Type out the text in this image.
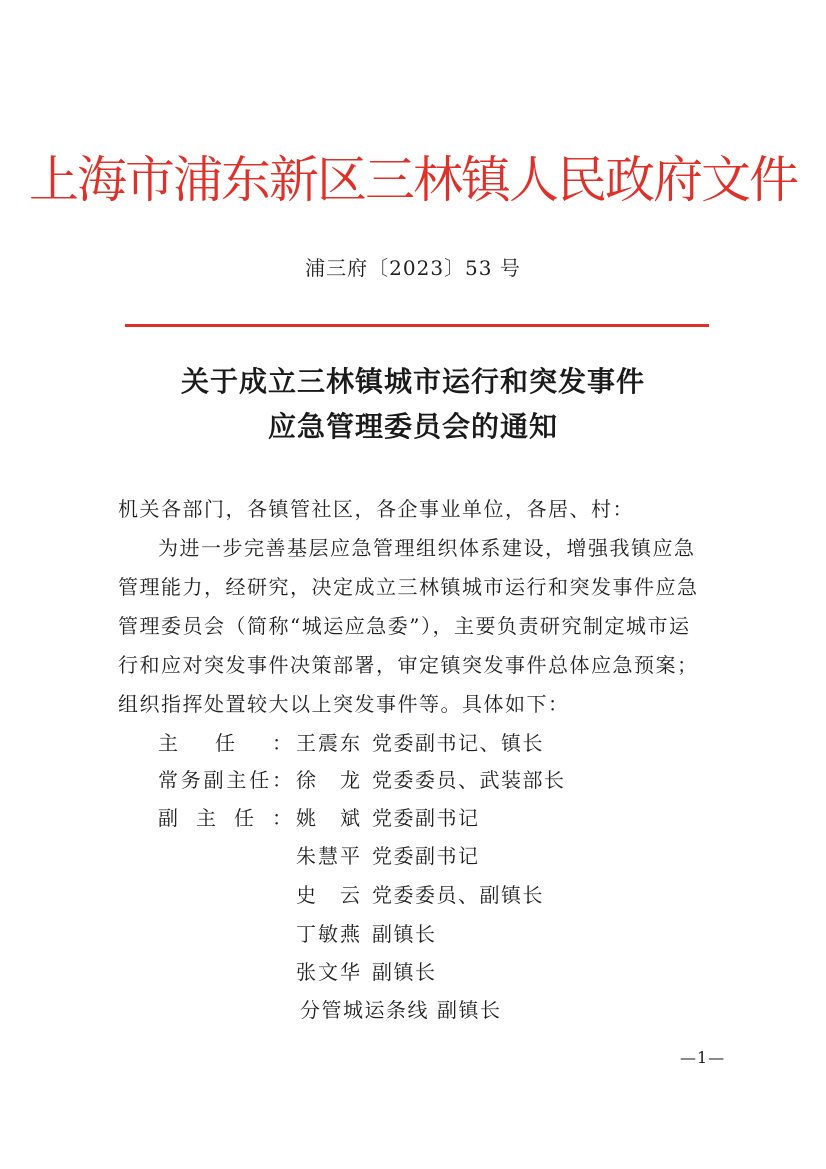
上海市浦东新区三林镇人民政府文件
浦三府〔2023〕53 号
关于成立三林镇城市运行和突发事件
应急管理委员会的通知
机关各部门，各镇管社区，各企事业单位，各居、村：
为进一步完善基层应急管理组织体系建设，增强我镇应急
管理能力，经研究，决定成立三林镇城市运行和突发事件应急
管理委员会（简称“城运应急委”），主要负责研究制定城市运
行和应对突发事件决策部署，审定镇突发事件总体应急预案；
组织指挥处置较大以上突发事件等。具体如下：
主任： 王震东 党委副书记、镇长
常务副主任： 徐　龙 党委委员、武装部长
副主任： 姚　斌 党委副书记
朱慧平 党委副书记
史　云 党委委员、副镇长
丁敏燕 副镇长
张文华 副镇长
分管城运条线 副镇长
—1—
